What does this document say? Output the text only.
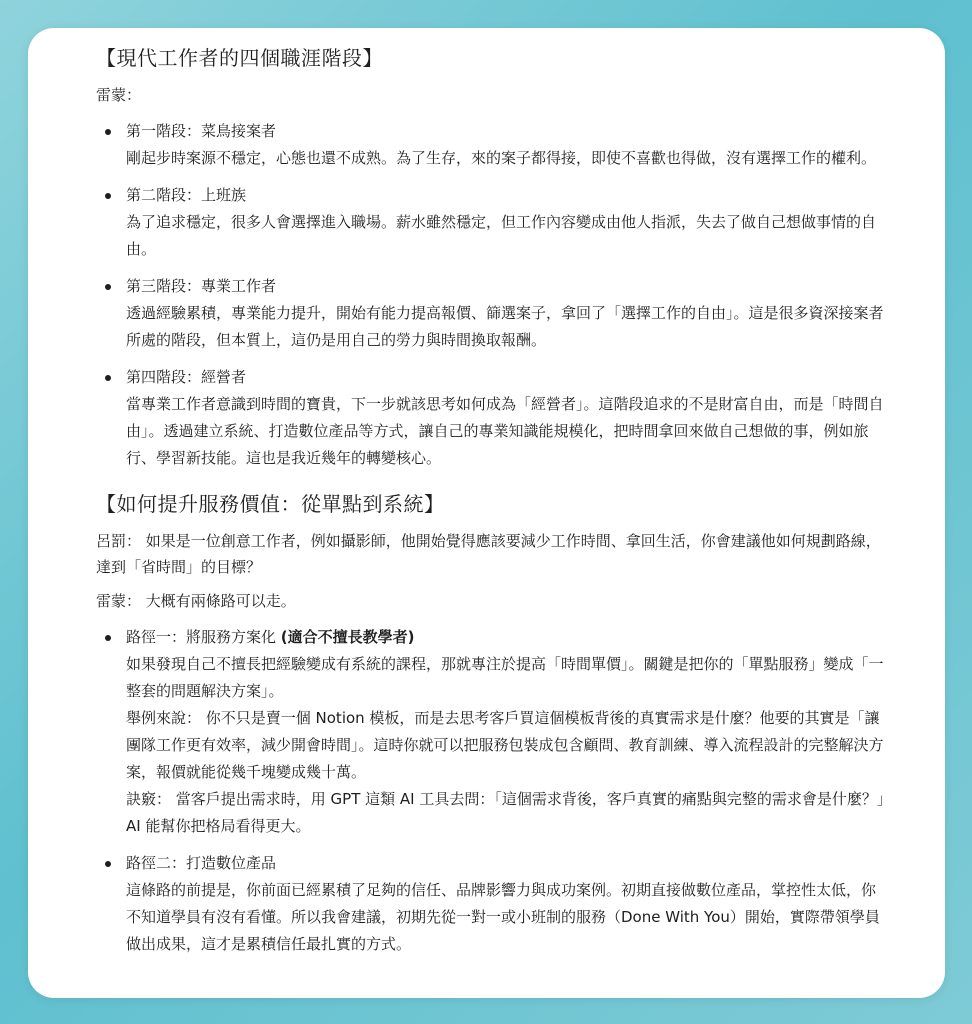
【現代工作者的四個職涯階段】

雷蒙：

第一階段：菜鳥接案者
剛起步時案源不穩定，心態也還不成熟。為了生存，來的案子都得接，即使不喜歡也得做，沒有選擇工作的權利。
第二階段：上班族
為了追求穩定，很多人會選擇進入職場。薪水雖然穩定，但工作內容變成由他人指派，失去了做自己想做事情的自由。
第三階段：專業工作者
透過經驗累積，專業能力提升，開始有能力提高報價、篩選案子，拿回了「選擇工作的自由」。這是很多資深接案者所處的階段，但本質上，這仍是用自己的勞力與時間換取報酬。
第四階段：經營者
當專業工作者意識到時間的寶貴，下一步就該思考如何成為「經營者」。這階段追求的不是財富自由，而是「時間自由」。透過建立系統、打造數位產品等方式，讓自己的專業知識能規模化，把時間拿回來做自己想做的事，例如旅行、學習新技能。這也是我近幾年的轉變核心。
【如何提升服務價值：從單點到系統】

呂罰： 如果是一位創意工作者，例如攝影師，他開始覺得應該要減少工作時間、拿回生活，你會建議他如何規劃路線，達到「省時間」的目標？

雷蒙： 大概有兩條路可以走。

路徑一：將服務方案化 (適合不擅長教學者)
如果發現自己不擅長把經驗變成有系統的課程，那就專注於提高「時間單價」。關鍵是把你的「單點服務」變成「一整套的問題解決方案」。
舉例來說： 你不只是賣一個 Notion 模板，而是去思考客戶買這個模板背後的真實需求是什麼？他要的其實是「讓團隊工作更有效率，減少開會時間」。這時你就可以把服務包裝成包含顧問、教育訓練、導入流程設計的完整解決方案，報價就能從幾千塊變成幾十萬。
訣竅： 當客戶提出需求時，用 GPT 這類 AI 工具去問：「這個需求背後，客戶真實的痛點與完整的需求會是什麼？」AI 能幫你把格局看得更大。
路徑二：打造數位產品
這條路的前提是，你前面已經累積了足夠的信任、品牌影響力與成功案例。初期直接做數位產品，掌控性太低，你不知道學員有沒有看懂。所以我會建議，初期先從一對一或小班制的服務（Done With You）開始，實際帶領學員做出成果，這才是累積信任最扎實的方式。
